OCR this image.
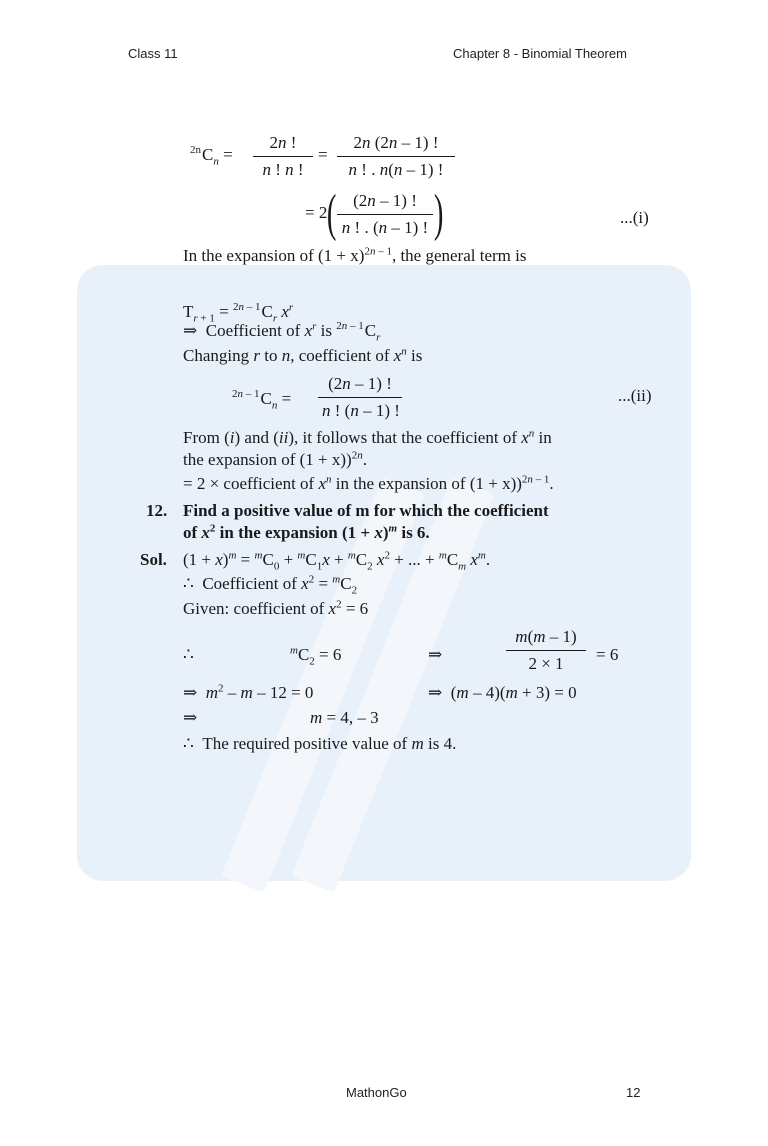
Class 11	Chapter 8 - Binomial Theorem
$^{2n}C_n = \frac{2n !}{n ! n !} = \frac{2n (2n - 1) !}{n ! . n(n - 1) !}$
= 2 ( $\frac{(2n - 1) !}{n ! . (n - 1) !}$ )	...(i)
In the expansion of $(1 + x)^{2n - 1}$, the general term is
$T_{r + 1} = ^{2n - 1}C_r$ $x^r$
⇒  Coefficient of $x^r$ is $^{2n - 1}C_r$
Changing r to n, coefficient of $x^n$ is
$^{2n - 1}C_n = \frac{(2n - 1) !}{n ! (n - 1) !}$	...(ii)
From (i) and (ii), it follows that the coefficient of $x^n$ in
the expansion of (1 + x))$^{2n}$.
= 2 × coefficient of $x^n$ in the expansion of (1 + x))$^{2n - 1}$.
12. Find a positive value of m for which the coefficient
of $x^2$ in the expansion $(1 + x)^m$ is 6.
Sol. $(1 + x)^m = ^mC_0 + ^mC_1x + ^mC_2$ $x^2$ + ... + $^mC_m$ $x^m$.
∴  Coefficient of $x^2 = ^mC_2$
Given: coefficient of $x^2 = 6$
∴	$^mC_2 = 6$	⇒	$\frac{m(m - 1)}{2 \times 1} = 6$
⇒  $m^2 - m - 12 = 0$	⇒  (m – 4)(m + 3) = 0
⇒	m = 4, – 3
∴  The required positive value of m is 4.
MathonGo	12
